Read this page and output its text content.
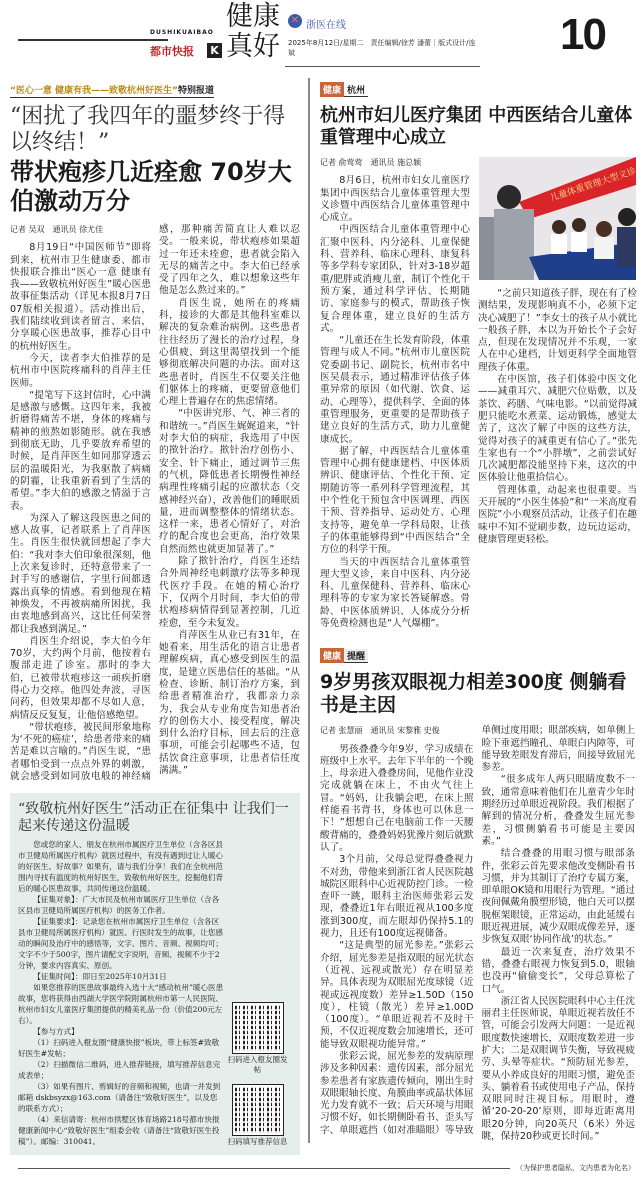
DUSHIKUAIBAO
都市快报 K
健康真好
✕ 浙医在线
2025年8月12日/星期二　责任编辑/徐芳 潘蕾｜版式设计/连斌	10
“医心一意 健康有我——致敬杭州好医生”特别报道
“困扰了我四年的噩梦终于得以终结！”
带状疱疹几近痊愈 70岁大伯激动万分
记者 吴双　通讯员 徐尤佳

8月19日“中国医师节”即将到来，杭州市卫生健康委、都市快报联合推出“医心一意 健康有我——致敬杭州好医生”暖心医患故事征集活动（详见本报8月7日07版相关报道）。活动推出后，我们陆续收到读者留言、来信，分享暖心医患故事，推荐心目中的杭州好医生。

今天，读者李大伯推荐的是杭州市中医院疼痛科的肖萍主任医师。

“提笔写下这封信时，心中满是感激与感慨。这四年来，我被折磨得痛苦不堪，身体的疼痛与精神的煎熬如影随形。就在我感到彻底无助，几乎要放弃希望的时候，是肖萍医生如同那穿透云层的温暖阳光，为我驱散了病痛的阴霾，让我重新看到了生活的希望。”李大伯的感激之情溢于言表。

为深入了解这段医患之间的感人故事，记者联系上了肖萍医生。肖医生很快就回想起了李大伯：“我对李大伯印象很深刻，他上次来复诊时，还特意带来了一封手写的感谢信，字里行间都透露出真挚的情感。看到他现在精神焕发，不再被病痛所困扰，我由衷地感到高兴，这比任何荣誉都让我感到满足。”

肖医生介绍说，李大伯今年70岁，大约两个月前，他按着右腹部走进了诊室。那时的李大伯，已被带状疱疹这一顽疾折磨得心力交瘁。他四处奔波，寻医问药，但效果却都不尽如人意，病情反反复复，让他倍感绝望。

“带状疱疹，被民间形象地称为‘不死的癌症’，给患者带来的痛苦是难以言喻的。”肖医生说，“患者哪怕受到一点点外界的刺激，就会感受到如同放电般的神经痛感，那种痛苦简直让人难以忍受。一般来说，带状疱疹如果超过一年还未痊愈，患者就会陷入无尽的痛苦之中。李大伯已经承受了四年之久，难以想象这些年他是怎么熬过来的。”

肖医生说，她所在的疼痛科，接诊的大都是其他科室难以解决的复杂难治病例。这些患者往往经历了漫长的治疗过程，身心俱疲，到这里渴望找到一个能够彻底解决问题的办法。面对这些患者时，肖医生不仅要关注他们躯体上的疼痛，更要留意他们心理上普遍存在的焦虑情绪。

“中医讲究形、气、神三者的和谐统一。”肖医生娓娓道来，“针对李大伯的病症，我选用了中医的揿针治疗。揿针治疗创伤小、安全、针下痛止，通过调节三焦的气机，降低患者长期慢性神经病理性疼痛引起的应激状态（交感神经兴奋），改善他们的睡眠质量，进而调整整体的情绪状态。这样一来，患者心情好了，对治疗的配合度也会更高，治疗效果自然而然也就更加显著了。”

除了揿针治疗，肖医生还结合外周神经电刺激疗法等多种现代医疗手段。在她的精心治疗下，仅两个月时间，李大伯的带状疱疹病情得到显著控制，几近痊愈，至今未复发。

肖萍医生从业已有31年，在她看来，用生活化的语言让患者理解疾病，真心感受到医生的温度，是建立医患信任的基础。“从检查、诊断、制订治疗方案，到给患者精准治疗，我都亲力亲为，我会从专业角度告知患者治疗的创伤大小、接受程度，解决到什么治疗目标，回去后的注意事项，可能会引起哪些不适，包括饮食注意事项，让患者信任度满满。”

“致敬杭州好医生”活动正在征集中 让我们一起来传递这份温暖

您或您的家人、朋友在杭州市属医疗卫生单位（含各区县市卫健局所属医疗机构）就医过程中，有没有遇到过让人暖心的好医生、好故事？如果有，请与我们分享！我们在全杭州范围内寻找有温度的杭州好医生，致敬杭州好医生，挖掘他们背后的暖心医患故事，共同传递这份温暖。

【征集对象】：广大市民及杭州市属医疗卫生单位（含各区县市卫健局所属医疗机构）的医务工作者。

【征集要求】：记录您在杭州市属医疗卫生单位（含各区县市卫健局所属医疗机构）就医、行医时发生的故事，让您感动的瞬间及治疗中的感悟等，文字、图片、音频、视频均可；文字不少于500字，图片请配文字说明，音频、视频不少于2分钟，要求内容真实、原创。

【征集时间】：即日至2025年10月31日

如果您推荐的医患故事最终入选十大“感动杭州”暖心医患故事，您将获得由西湖大学医学院附属杭州市第一人民医院、杭州市妇女儿童医疗集团提供的精美礼品一份（价值200元左右）。

【参与方式】

（1）扫码进入橙友圈“健康快报”板块，带上标签#致敬好医生#发帖；

（2）扫描微信二维码，进入推荐链接，填写推荐信息完成表单；

（3）如果有图片、剪辑好的音频和视频，也请一并发到邮箱 dskbsyzx@163.com（请备注“致敬好医生”，以及您的联系方式）；

（4）来信请寄：杭州市拱墅区体育场路218号都市快报健康新闻中心“致敬好医生”组委会收（请备注“致敬好医生投稿”）。邮编：310041。

扫码进入橙友圈发帖
扫码填写推荐信息
健康 杭州
杭州市妇儿医疗集团 中西医结合儿童体重管理中心成立
记者 俞莺莺　通讯员 施总颖

8月6日，杭州市妇女儿童医疗集团中西医结合儿童体重管理大型义诊暨中西医结合儿童体重管理中心成立。

中西医结合儿童体重管理中心汇聚中医科、内分泌科、儿童保健科、营养科、临床心理科、康复科等多学科专家团队，针对3-18岁超重/肥胖或消瘦儿童，制订个性化干预方案，通过科学评估、长期随访、家庭参与的模式，帮助孩子恢复合理体重，建立良好的生活方式。

“儿童还在生长发育阶段，体重管理与成人不同。”杭州市儿童医院党委副书记、副院长，杭州市名中医吴晨表示，通过精准评估孩子体重异常的原因（如代谢、饮食、运动、心理等），提供科学、全面的体重管理服务，更重要的是帮助孩子建立良好的生活方式，助力儿童健康成长。

据了解，中西医结合儿童体重管理中心拥有健康建档、中医体质辨识、健康评估、个性化干预、定期随访等一系列科学管理流程，其中个性化干预包含中医调理、西医干预、营养指导、运动处方、心理支持等，避免单一学科局限，让孩子的体重能够得到“中西医结合”全方位的科学干预。

当天的中西医结合儿童体重管理大型义诊，来自中医科、内分泌科、儿童保健科、营养科、临床心理科等的专家为家长答疑解惑。骨龄、中医体质辨识、人体成分分析等免费检测也是“人气爆棚”。

儿童体重管理大型义诊

“之前只知道孩子胖，现在有了检测结果，发现影响真不小，必须下定决心减肥了！”李女士的孩子从小就比一般孩子胖，本以为开始长个子会好点，但现在发现情况并不乐观，一家人在中心建档，计划更科学全面地管理孩子体重。

在中医馆，孩子们体验中医文化——减重耳穴、减肥穴位贴敷，以及茶饮、药膳、气味电影。“以前觉得减肥只能吃水煮菜、运动锻炼，感觉太苦了，这次了解了中医的这些方法，觉得对孩子的减重更有信心了。”张先生家也有一个“小胖墩”，之前尝试好几次减肥都没能坚持下来，这次的中医体验让他重拾信心。

管理体重，动起来也很重要。当天开展的“小医生体验”和“一米高度看医院”小小观察员活动，让孩子们在趣味中不知不觉刷步数，边玩边运动，健康管理更轻松。

健康 提醒
9岁男孩双眼视力相差300度 侧躺看书是主因
记者 张慧丽　通讯员 宋黎雅 史俊

男孩叠叠今年9岁，学习成绩在班级中上水平。去年下半年的一个晚上，母亲进入叠叠房间，见他作业没完成就躺在床上，不由火气往上冒。“妈妈，让我躺会吧，在床上照样能看书背书，身体也可以休息一下！”想想自己在电脑前工作一天腰酸背痛的，叠叠妈妈犹豫片刻后就默认了。

3个月前，父母总觉得叠叠视力不对劲，带他来到浙江省人民医院越城院区眼科中心近视防控门诊。一检查吓一跳，眼科主治医师张彩云发现，叠叠近1年右眼近视从100多度涨到300度，而左眼却仍保持5.1的视力，且还有100度远视储备。

“这是典型的屈光参差。”张彩云介绍，屈光参差是指双眼的屈光状态（近视、远视或散光）存在明显差异。具体表现为双眼屈光度球镜（近视或远视度数）差异≥1.50D（150度），柱镜（散光）差异≥1.00D（100度）。“单眼近视若不及时干预，不仅近视度数会加速增长，还可能导致双眼视功能异常。”

张彩云说，屈光参差的发病原理涉及多种因素：遗传因素，部分屈光参差患者有家族遗传倾向，刚出生时双眼眼轴长度、角膜曲率或晶状体屈光力发育就不一致；后天环境与用眼习惯不好，如长期侧卧看书、歪头写字、单眼遮挡（如对准瞄眼）等导致单侧过度用眼；眼部疾病，如单侧上睑下垂遮挡瞳孔、单眼白内障等，可能导致差眼发育滞后，间接导致屈光参差。

“很多成年人两只眼睛度数不一致，通常意味着他们在儿童青少年时期经历过单眼近视阶段。我们根据了解到的情况分析，叠叠发生屈光参差，习惯侧躺看书可能是主要因素。”

结合叠叠的用眼习惯与眼部条件，张彩云首先要求他改变侧卧看书习惯，并为其制订了治疗专属方案，即单眼OK镜和用眼行为管理。“通过夜间佩戴角膜塑形镜，他白天可以摆脱框架眼镜，正常运动，由此延缓右眼近视进展，减少双眼成像差异，逐步恢复双眼‘协同作战’的状态。”

最近一次来复查，治疗效果不错，叠叠右眼视力恢复到5.0，眼轴也没再“偷偷变长”，父母总算松了口气。

浙江省人民医院眼科中心主任沈丽君主任医师说，单眼近视若放任不管，可能会引发两大问题：一是近视眼度数快速增长，双眼度数差进一步扩大；二是双眼调节失衡，导致视疲劳、头晕等症状。“预防屈光参差，要从小养成良好的用眼习惯，避免歪头、躺着看书或使用电子产品，保持双眼同时注视目标。用眼时，遵循‘20-20-20’原则，即每近距离用眼20分钟，向20英尺（6米）外远眺，保持20秒或更长时间。”

（为保护患者隐私，文内患者为化名）
